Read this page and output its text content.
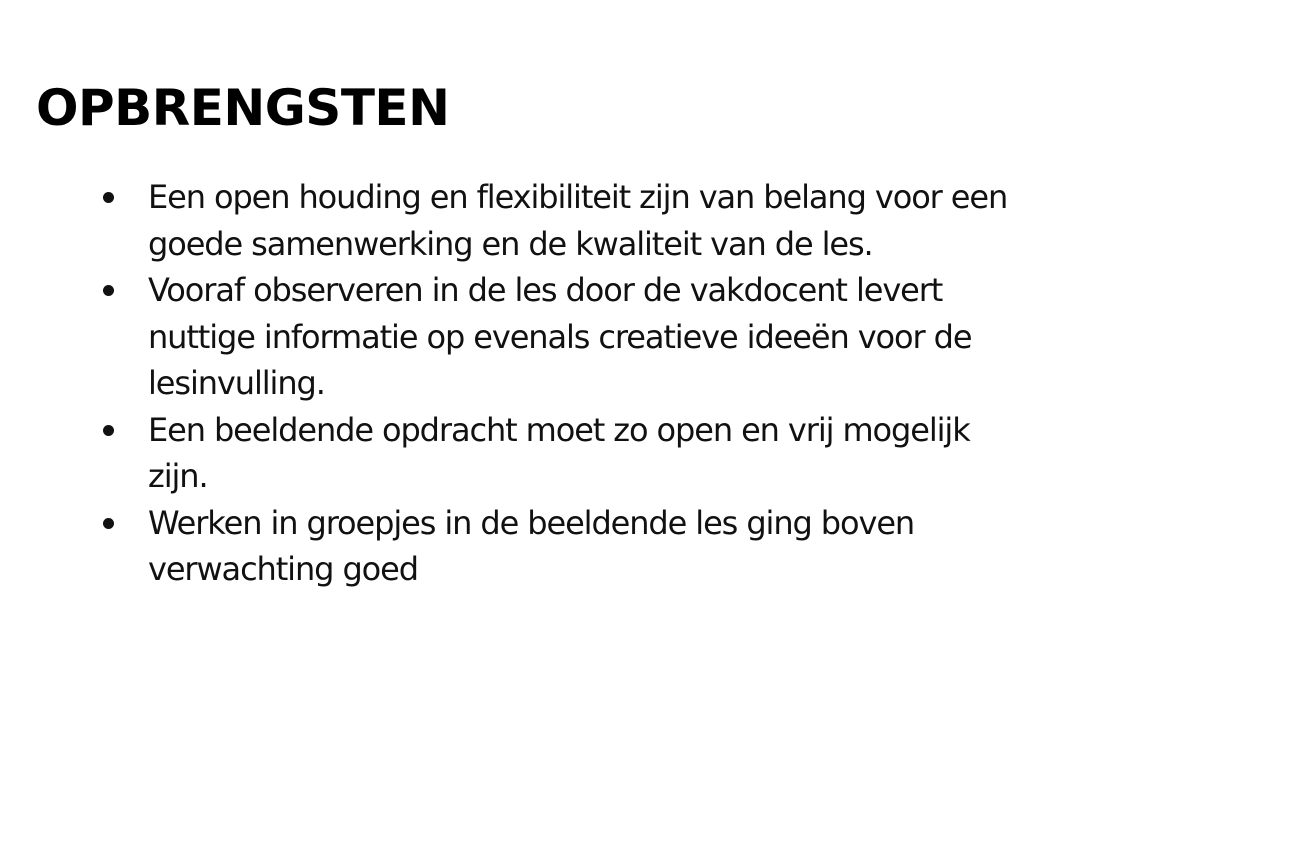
OPBRENGSTEN
Een open houding en flexibiliteit zijn van belang voor een goede samenwerking en de kwaliteit van de les.
Vooraf observeren in de les door de vakdocent levert nuttige informatie op evenals creatieve ideeën voor de lesinvulling.
Een beeldende opdracht moet zo open en vrij mogelijk zijn.
Werken in groepjes in de beeldende les ging boven verwachting goed
